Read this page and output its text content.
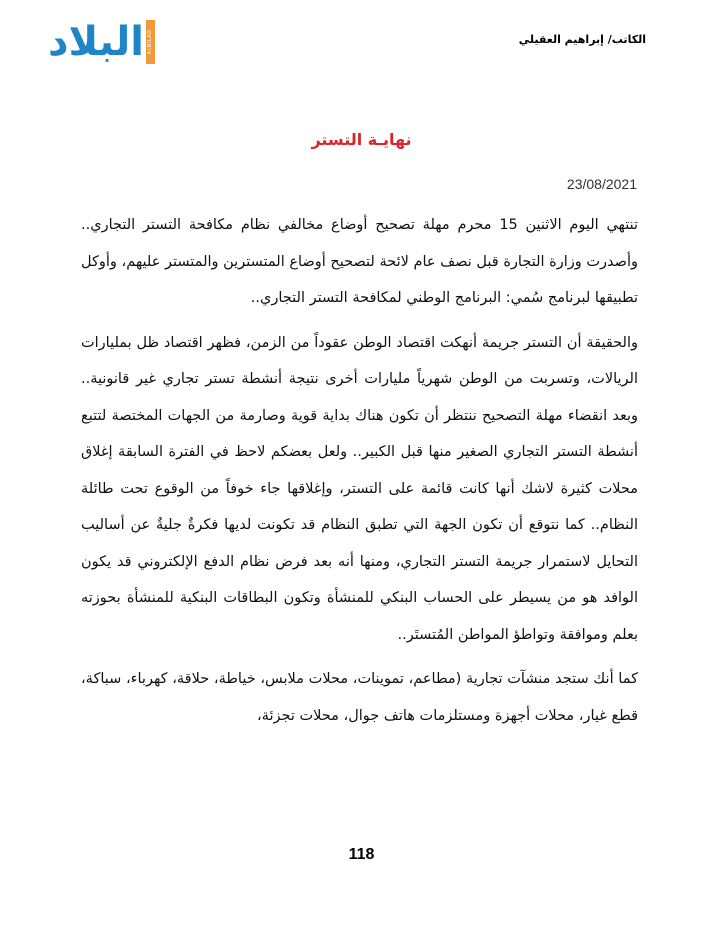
البلاد ALBILAD	الكاتب/ إبراهيم العقيلي
نهايـة التستر
23/08/2021

تنتهي اليوم الاثنين 15 محرم مهلة تصحيح أوضاع مخالفي نظام مكافحة التستر التجاري.. وأصدرت وزارة التجارة قبل نصف عام لائحة لتصحيح أوضاع المتسترين والمتستر عليهم، وأوكل تطبيقها لبرنامج سُمي: البرنامج الوطني لمكافحة التستر التجاري..

والحقيقة أن التستر جريمة أنهكت اقتصاد الوطن عقوداً من الزمن، فظهر اقتصاد ظل بمليارات الريالات، وتسربت من الوطن شهرياً مليارات أخرى نتيجة أنشطة تستر تجاري غير قانونية.. وبعد انقضاء مهلة التصحيح ننتظر أن تكون هناك بداية قوية وصارمة من الجهات المختصة لتتبع أنشطة التستر التجاري الصغير منها قبل الكبير.. ولعل بعضكم لاحظ في الفترة السابقة إغلاق محلات كثيرة لاشك أنها كانت قائمة على التستر، وإغلاقها جاء خوفاً من الوقوع تحت طائلة النظام.. كما نتوقع أن تكون الجهة التي تطبق النظام قد تكونت لديها فكرةٌ جليةٌ عن أساليب التحايل لاستمرار جريمة التستر التجاري، ومنها أنه بعد فرض نظام الدفع الإلكتروني قد يكون الوافد هو من يسيطر على الحساب البنكي للمنشأة وتكون البطاقات البنكية للمنشأة بحوزته بعلم وموافقة وتواطؤ المواطن المُتستَر..

كما أنك ستجد منشآت تجارية (مطاعم، تموينات، محلات ملابس، خياطة، حلاقة، كهرباء، سباكة، قطع غيار، محلات أجهزة ومستلزمات هاتف جوال، محلات تجزئة،

118
